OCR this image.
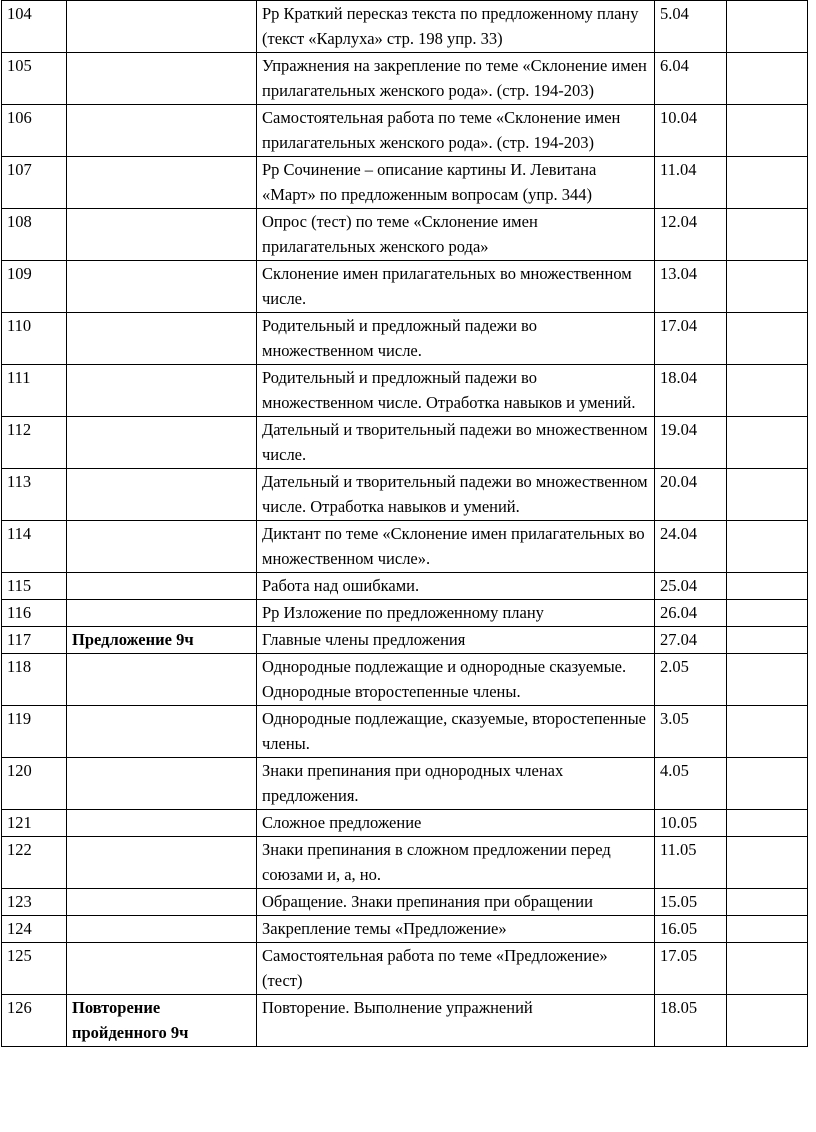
104		Рр Краткий пересказ текста по предложенному плану (текст «Карлуха» стр. 198 упр. 33)	5.04	
105		Упражнения на закрепление по теме «Склонение имен прилагательных женского рода». (стр. 194-203)	6.04	
106		Самостоятельная работа по теме «Склонение имен прилагательных женского рода». (стр. 194-203)	10.04	
107		Рр Сочинение – описание картины И. Левитана «Март» по предложенным вопросам (упр. 344)	11.04	
108		Опрос (тест) по теме «Склонение имен прилагательных женского рода»	12.04	
109		Склонение имен прилагательных во множественном числе.	13.04	
110		Родительный и предложный падежи во множественном числе.	17.04	
111		Родительный и предложный падежи во множественном числе. Отработка навыков и умений.	18.04	
112		Дательный и творительный падежи во множественном числе.	19.04	
113		Дательный и творительный падежи во множественном числе. Отработка навыков и умений.	20.04	
114		Диктант по теме «Склонение имен прилагательных во множественном числе».	24.04	
115		Работа над ошибками.	25.04	
116		Рр Изложение по предложенному плану	26.04	
117	Предложение 9ч	Главные члены предложения	27.04	
118		Однородные подлежащие и однородные сказуемые. Однородные второстепенные члены.	2.05	
119		Однородные подлежащие, сказуемые, второстепенные члены.	3.05	
120		Знаки препинания при однородных членах предложения.	4.05	
121		Сложное предложение	10.05	
122		Знаки препинания в сложном предложении перед союзами и, а, но.	11.05	
123		Обращение. Знаки препинания при обращении	15.05	
124		Закрепление темы «Предложение»	16.05	
125		Самостоятельная работа по теме «Предложение» (тест)	17.05	
126	Повторение пройденного 9ч	Повторение. Выполнение упражнений	18.05	
